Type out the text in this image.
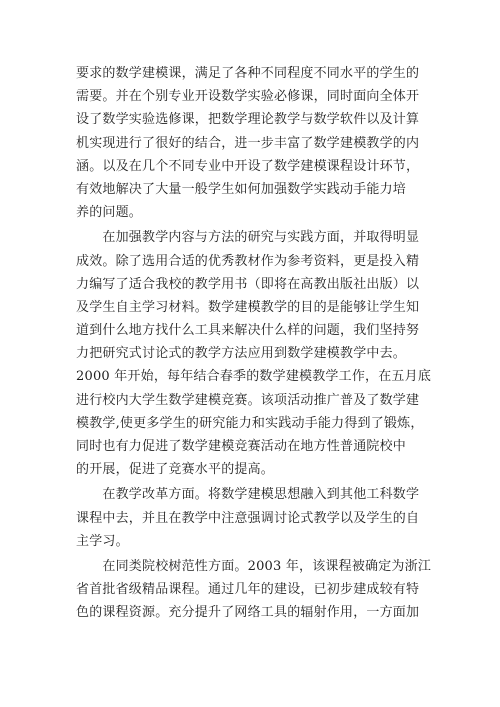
要求的数学建模课，满足了各种不同程度不同水平的学生的
需要。并在个别专业开设数学实验必修课，同时面向全体开
设了数学实验选修课，把数学理论教学与数学软件以及计算
机实现进行了很好的结合，进一步丰富了数学建模教学的内
涵。以及在几个不同专业中开设了数学建模课程设计环节，
有效地解决了大量一般学生如何加强数学实践动手能力培
养的问题。
　　在加强教学内容与方法的研究与实践方面，并取得明显
成效。除了选用合适的优秀教材作为参考资料，更是投入精
力编写了适合我校的教学用书（即将在高教出版社出版）以
及学生自主学习材料。数学建模教学的目的是能够让学生知
道到什么地方找什么工具来解决什么样的问题，我们坚持努
力把研究式讨论式的教学方法应用到数学建模教学中去。
2000 年开始，每年结合春季的数学建模教学工作，在五月底
进行校内大学生数学建模竞赛。该项活动推广普及了数学建
模教学,使更多学生的研究能力和实践动手能力得到了锻炼，
同时也有力促进了数学建模竞赛活动在地方性普通院校中
的开展，促进了竞赛水平的提高。
　　在教学改革方面。将数学建模思想融入到其他工科数学
课程中去，并且在教学中注意强调讨论式教学以及学生的自
主学习。
　　在同类院校树范性方面。2003 年，该课程被确定为浙江
省首批省级精品课程。通过几年的建设，已初步建成较有特
色的课程资源。充分提升了网络工具的辐射作用，一方面加
